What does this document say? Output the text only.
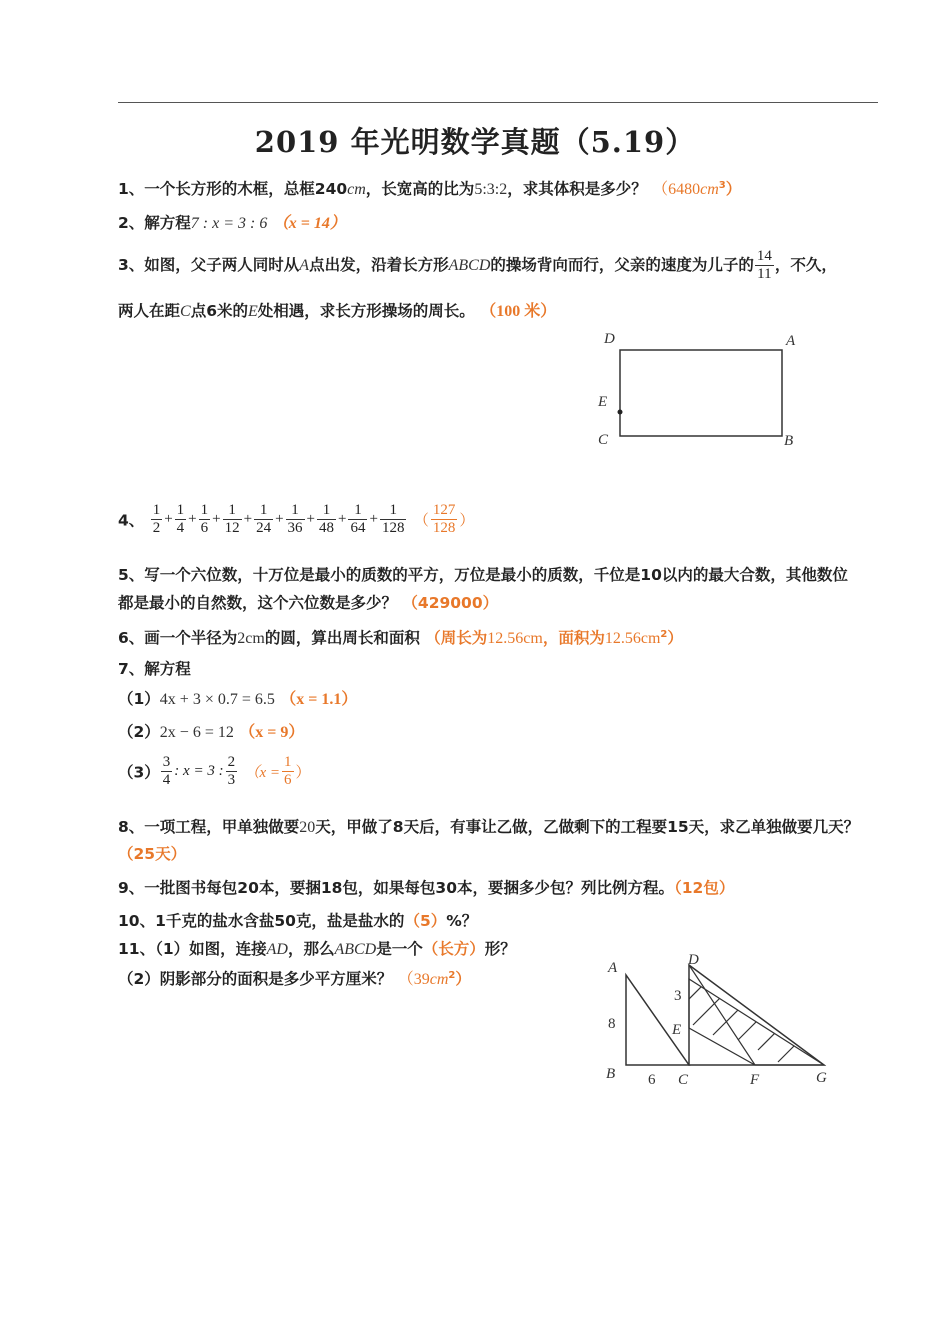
2019 年光明数学真题（5.19）
1、一个长方形的木框，总框240cm，长宽高的比为5:3:2，求其体积是多少？ $(6480cm^3)$
2、解方程7 : x = 3 : 6 （x = 14）
3、如图，父子两人同时从A点出发，沿着长方形ABCD的操场背向而行，父亲的速度为儿子的 $\frac{14}{11}$ ，不久，
两人在距C点6米的E处相遇，求长方形操场的周长。 （100 米）
D	A
E
C	B
4、 $\frac{1}{2} + \frac{1}{4} + \frac{1}{6} + \frac{1}{12} + \frac{1}{24} + \frac{1}{36} + \frac{1}{48} + \frac{1}{64} + \frac{1}{128}$ （ $\frac{127}{128}$ ）
5、写一个六位数，十万位是最小的质数的平方，万位是最小的质数，千位是10以内的最大合数，其他数位
都是最小的自然数，这个六位数是多少？ （429000）
6、画一个半径为2cm的圆，算出周长和面积 （周长为12.56cm，面积为$12.56cm^2$）
7、解方程
（1）4x + 3 × 0.7 = 6.5 （x = 1.1）
（2）2x − 6 = 12 （x = 9）
$(3) \frac{3}{4}$ : x = 3 : $\frac{2}{3} (x = \frac{1}{6}$ ）
8、一项工程，甲单独做要20天，甲做了8天后，有事让乙做，乙做剩下的工程要15天，求乙单独做要几天？
（25天）
9、一批图书每包20本，要捆18包，如果每包30本，要捆多少包？列比例方程。（12包）
10、1千克的盐水含盐50克，盐是盐水的（5）%？
11、（1）如图，连接AD，那么ABCD是一个（长方）形？
（2）阴影部分的面积是多少平方厘米？ $(39cm^2)$
A	D
E
B	C	F	G
8
3
6
